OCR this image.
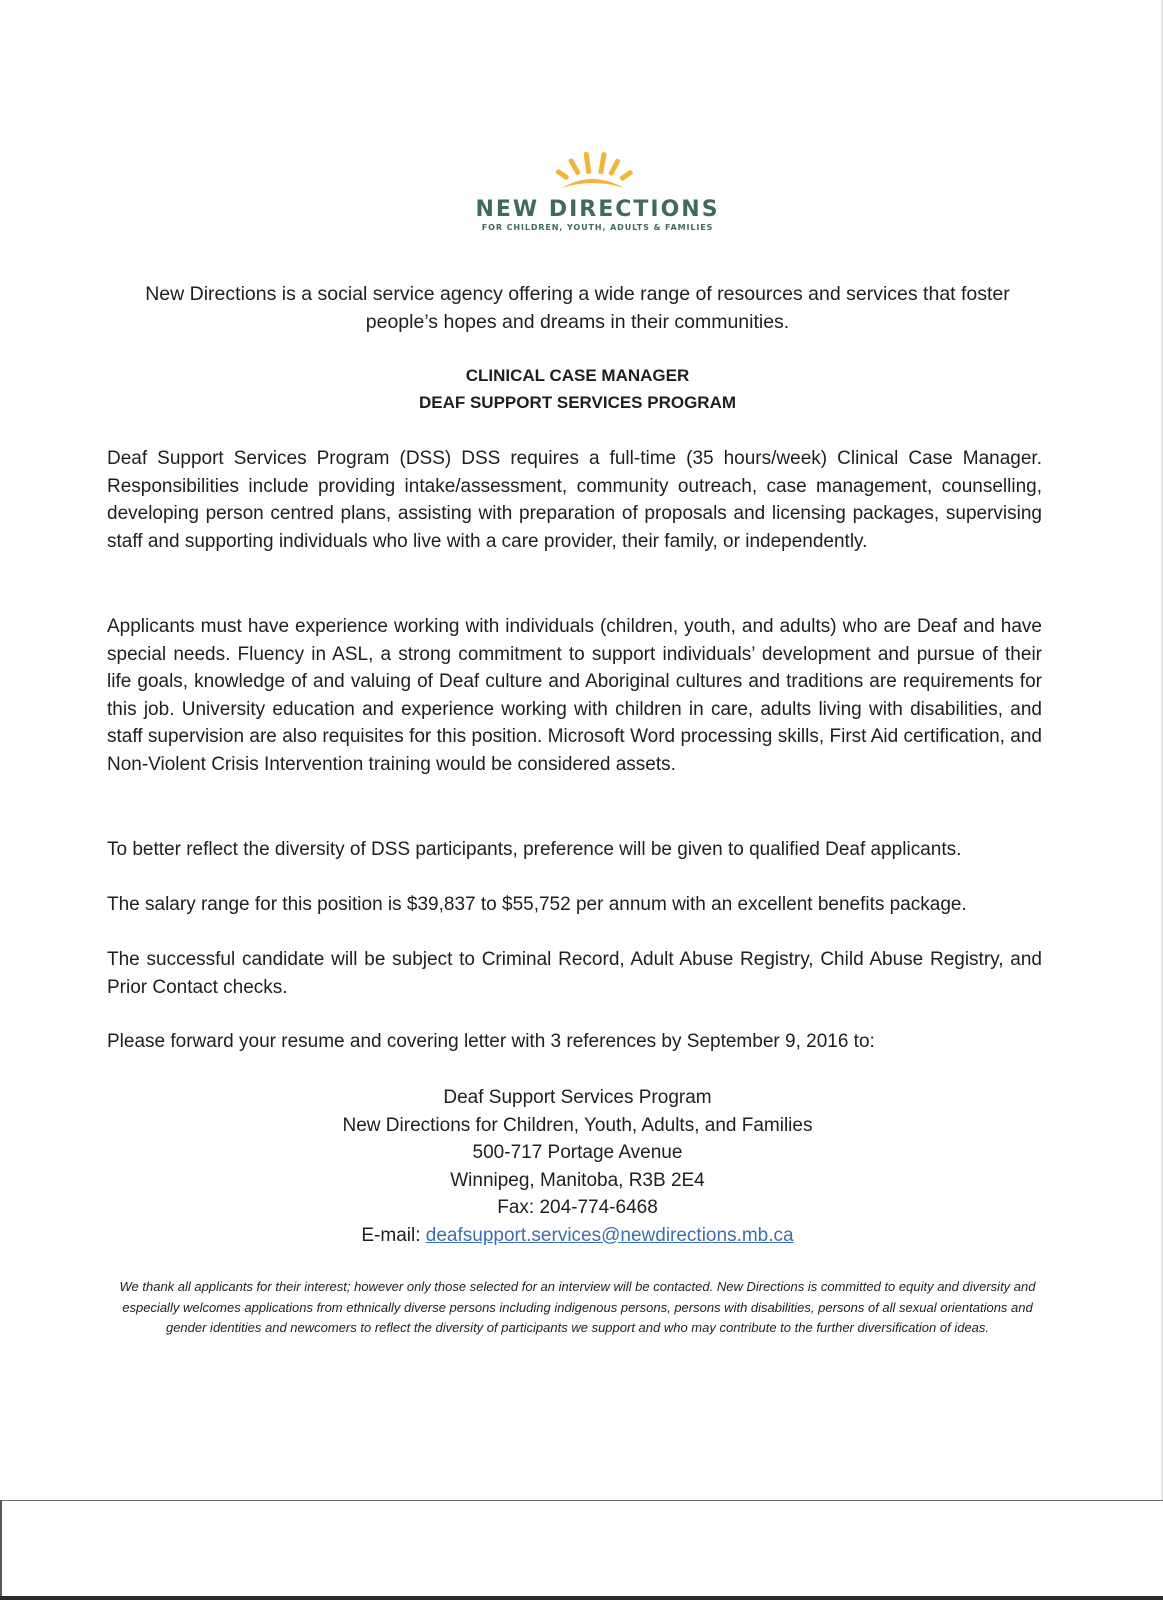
NEW DIRECTIONS
FOR CHILDREN, YOUTH, ADULTS & FAMILIES
New Directions is a social service agency offering a wide range of resources and services that foster
people’s hopes and dreams in their communities.
CLINICAL CASE MANAGER
DEAF SUPPORT SERVICES PROGRAM

Deaf Support Services Program (DSS) DSS requires a full-time (35 hours/week) Clinical Case Manager. Responsibilities include providing intake/assessment, community outreach, case management, counselling, developing person centred plans, assisting with preparation of proposals and licensing packages, supervising staff and supporting individuals who live with a care provider, their family, or independently.

Applicants must have experience working with individuals (children, youth, and adults) who are Deaf and have special needs. Fluency in ASL, a strong commitment to support individuals’ development and pursue of their life goals, knowledge of and valuing of Deaf culture and Aboriginal cultures and traditions are requirements for this job. University education and experience working with children in care, adults living with disabilities, and staff supervision are also requisites for this position. Microsoft Word processing skills, First Aid certification, and Non-Violent Crisis Intervention training would be considered assets.

To better reflect the diversity of DSS participants, preference will be given to qualified Deaf applicants.

The salary range for this position is $39,837 to $55,752 per annum with an excellent benefits package.

The successful candidate will be subject to Criminal Record, Adult Abuse Registry, Child Abuse Registry, and Prior Contact checks.

Please forward your resume and covering letter with 3 references by September 9, 2016 to:

Deaf Support Services Program
New Directions for Children, Youth, Adults, and Families
500-717 Portage Avenue
Winnipeg, Manitoba, R3B 2E4
Fax: 204-774-6468
E-mail: deafsupport.services@newdirections.mb.ca

We thank all applicants for their interest; however only those selected for an interview will be contacted. New Directions is committed to equity and diversity and especially welcomes applications from ethnically diverse persons including indigenous persons, persons with disabilities, persons of all sexual orientations and gender identities and newcomers to reflect the diversity of participants we support and who may contribute to the further diversification of ideas.
